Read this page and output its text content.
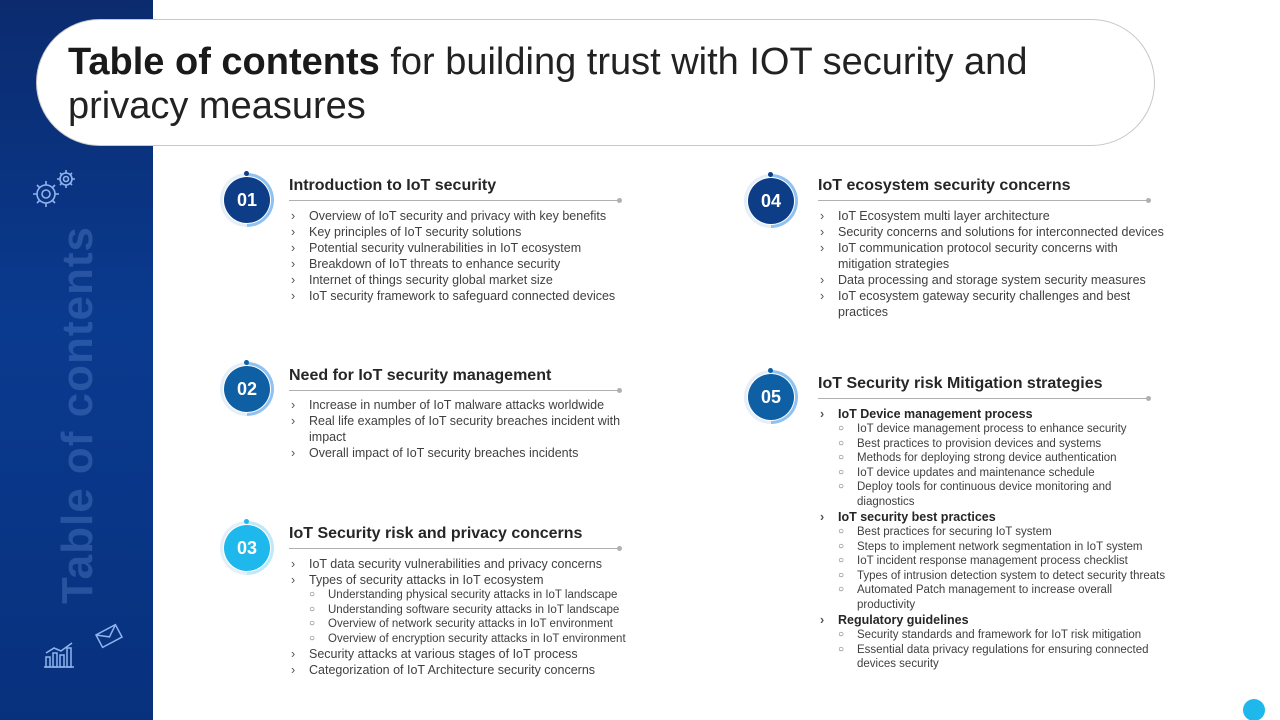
Table of contents
Table of contents for building trust with IOT security and privacy measures
01
Introduction to IoT security
› Overview of IoT security and privacy with key benefits
› Key principles of IoT security solutions
› Potential security vulnerabilities in IoT ecosystem
› Breakdown of IoT threats to enhance security
› Internet of things security global market size
› IoT security framework to safeguard connected devices
02
Need for IoT security management
› Increase in number of IoT malware attacks worldwide
› Real life examples of IoT security breaches incident with impact
› Overall impact of IoT security breaches incidents
03
IoT Security risk and privacy concerns
› IoT data security vulnerabilities and privacy concerns
› Types of security attacks in IoT ecosystem
○ Understanding physical security attacks in IoT landscape
○ Understanding software security attacks in IoT landscape
○ Overview of network security attacks in IoT environment
○ Overview of encryption security attacks in IoT environment
› Security attacks at various stages of IoT process
› Categorization of IoT Architecture security concerns
04
IoT ecosystem security concerns
› IoT Ecosystem multi layer architecture
› Security concerns and solutions for interconnected devices
› IoT communication protocol security concerns with mitigation strategies
› Data processing and storage system security measures
› IoT ecosystem gateway security challenges and best practices
05
IoT Security risk Mitigation strategies
› IoT Device management process
○ IoT device management process to enhance security
○ Best practices to provision devices and systems
○ Methods for deploying strong device authentication
○ IoT device updates and maintenance schedule
○ Deploy tools for continuous device monitoring and diagnostics
› IoT security best practices
○ Best practices for securing IoT system
○ Steps to implement network segmentation in IoT system
○ IoT incident response management process checklist
○ Types of intrusion detection system to detect security threats
○ Automated Patch management to increase overall productivity
› Regulatory guidelines
○ Security standards and framework for IoT risk mitigation
○ Essential data privacy regulations for ensuring connected devices security
